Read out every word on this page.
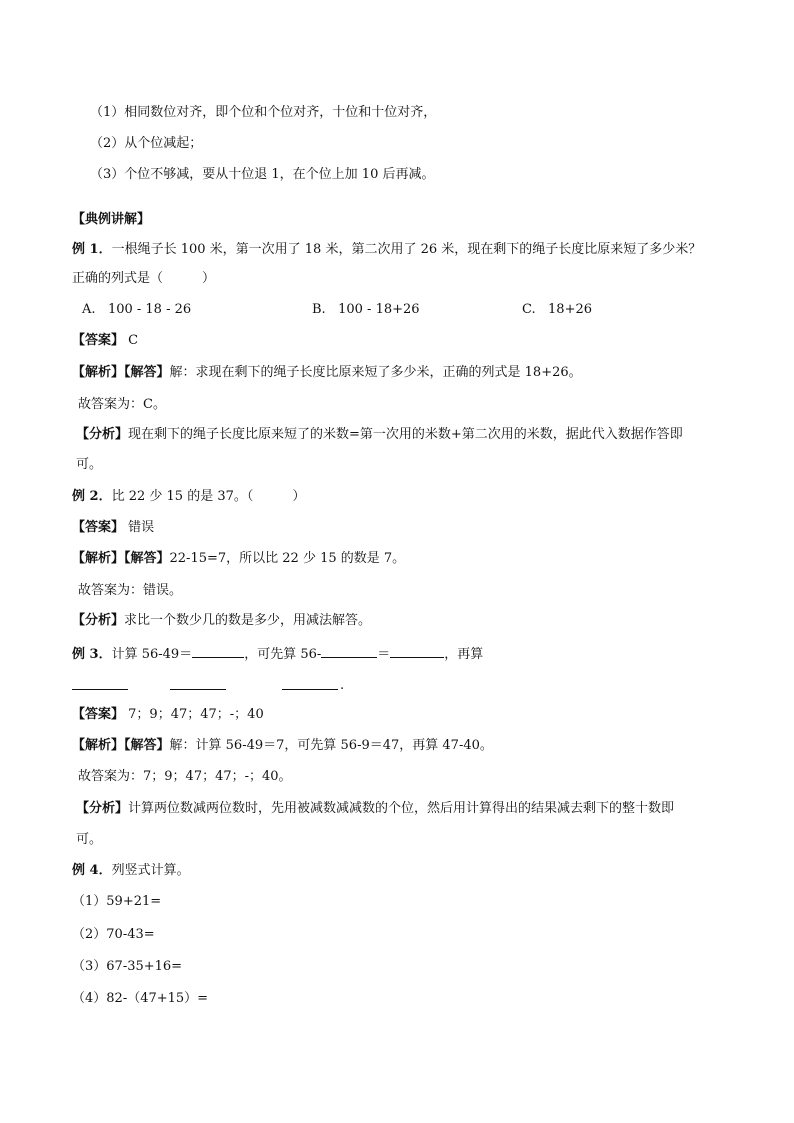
（1）相同数位对齐，即个位和个位对齐，十位和十位对齐，
（2）从个位减起；
（3）个位不够减，要从十位退 1，在个位上加 10 后再减。
【典例讲解】
例 1．一根绳子长 100 米，第一次用了 18 米，第二次用了 26 米，现在剩下的绳子长度比原来短了多少米？
正确的列式是（　　　）
A. 100 - 18 - 26	B. 100 - 18+26	C. 18+26
【答案】 C
【解析】【解答】解：求现在剩下的绳子长度比原来短了多少米，正确的列式是 18+26。
故答案为：C。
【分析】现在剩下的绳子长度比原来短了的米数=第一次用的米数+第二次用的米数，据此代入数据作答即
可。
例 2．比 22 少 15 的是 37。（　　　）
【答案】 错误
【解析】【解答】22-15=7，所以比 22 少 15 的数是 7。
故答案为：错误。
【分析】求比一个数少几的数是多少，用减法解答。
例 3．计算 56-49＝	，可先算 56-	＝	，再算
.
【答案】 7；9；47；47；-；40
【解析】【解答】解：计算 56-49＝7，可先算 56-9＝47，再算 47-40。
故答案为：7；9；47；47；-；40。
【分析】计算两位数减两位数时，先用被减数减减数的个位，然后用计算得出的结果减去剩下的整十数即
可。
例 4．列竖式计算。
（1）59+21=
（2）70-43=
（3）67-35+16=
（4）82-（47+15）=
